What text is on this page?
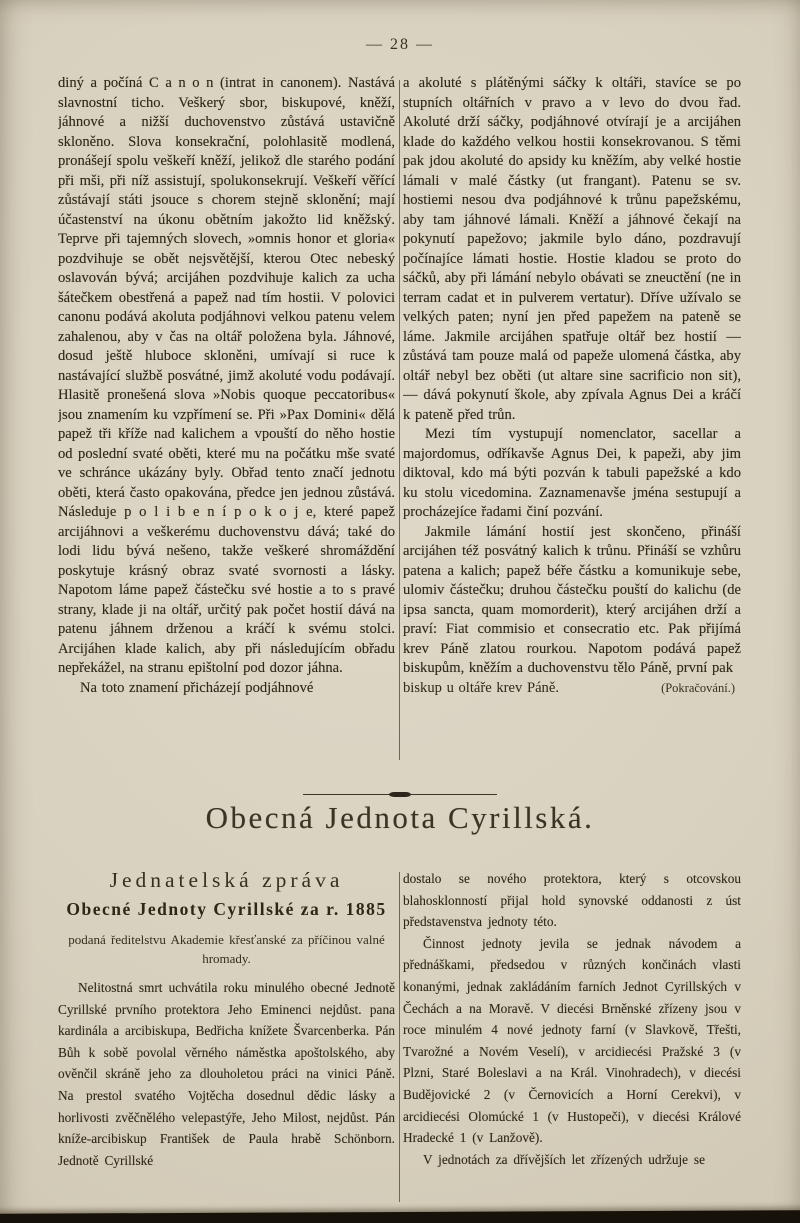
— 28 —

diný a počíná C a n o n (intrat in canonem). Nastává slavnostní ticho. Veškerý sbor, biskupové, kněží, jáhnové a nižší duchovenstvo zůstává ustavičně skloněno. Slova konsekrační, polohlasitě modlená, pronášejí spolu veškeří kněží, jelikož dle starého podání při mši, při níž assistují, spolukonsekrují. Veškeří věřící zůstávají státi jsouce s chorem stejně sklonění; mají účastenství na úkonu obětním jakožto lid kněžský. Teprve při tajemných slovech, »omnis honor et gloria« pozdvihuje se obět nejsvětější, kterou Otec nebeský oslavován bývá; arcijáhen pozdvihuje kalich za ucha šátečkem obestřená a papež nad tím hostii. V polovici canonu podává akoluta podjáhnovi velkou patenu velem zahalenou, aby v čas na oltář položena byla. Jáhnové, dosud ještě hluboce skloněni, umívají si ruce k nastávající službě posvátné, jimž akoluté vodu podávají. Hlasitě pronešená slova »Nobis quoque peccatoribus« jsou znamením ku vzpřímení se. Při »Pax Domini« dělá papež tři kříže nad kalichem a vpouští do něho hostie od poslední svaté oběti, které mu na počátku mše svaté ve schránce ukázány byly. Obřad tento značí jednotu oběti, která často opakována, předce jen jednou zůstává. Následuje p o l i b e n í p o k o j e, které papež arcijáhnovi a veškerému duchovenstvu dává; také do lodi lidu bývá nešeno, takže veškeré shromáždění poskytuje krásný obraz svaté svornosti a lásky. Napotom láme papež částečku své hostie a to s pravé strany, klade ji na oltář, určitý pak počet hostií dává na patenu jáhnem drženou a kráčí k svému stolci. Arcijáhen klade kalich, aby při následujícím obřadu nepřekážel, na stranu epištolní pod dozor jáhna.

Na toto znamení přicházejí podjáhnové

a akoluté s plátěnými sáčky k oltáři, stavíce se po stupních oltářních v pravo a v levo do dvou řad. Akoluté drží sáčky, podjáhnové otvírají je a arcijáhen klade do každého velkou hostii konsekrovanou. S těmi pak jdou akoluté do apsidy ku kněžím, aby velké hostie lámali v malé částky (ut frangant). Patenu se sv. hostiemi nesou dva podjáhnové k trůnu papežskému, aby tam jáhnové lámali. Kněží a jáhnové čekají na pokynutí papežovo; jakmile bylo dáno, pozdravují počínajíce lámati hostie. Hostie kladou se proto do sáčků, aby při lámání nebylo obávati se zneuctění (ne in terram cadat et in pulverem vertatur). Dříve užívalo se velkých paten; nyní jen před papežem na pateně se láme. Jakmile arcijáhen spatřuje oltář bez hostií — zůstává tam pouze malá od papeže ulomená částka, aby oltář nebyl bez oběti (ut altare sine sacrificio non sit), — dává pokynutí škole, aby zpívala Agnus Dei a kráčí k pateně před trůn.

Mezi tím vystupují nomenclator, sacellar a majordomus, odříkavše Agnus Dei, k papeži, aby jim diktoval, kdo má býti pozván k tabuli papežské a kdo ku stolu vicedomina. Zaznamenavše jména sestupují a procházejíce řadami činí pozvání.

Jakmile lámání hostií jest skončeno, přináší arcijáhen též posvátný kalich k trůnu. Přináší se vzhůru patena a kalich; papež béře částku a komunikuje sebe, ulomiv částečku; druhou částečku pouští do kalichu (de ipsa sancta, quam momorderit), který arcijáhen drží a praví: Fiat commisio et consecratio etc. Pak přijímá krev Páně zlatou rourkou. Napotom podává papež biskupům, kněžím a duchovenstvu tělo Páně, první pak

biskup u oltáře krev Páně.	(Pokračování.)
Obecná Jednota Cyrillská.
Jednatelská zpráva
Obecné Jednoty Cyrillské za r. 1885

podaná ředitelstvu Akademie křesťanské za příčinou valné hromady.

Nelitostná smrt uchvátila roku minulého obecné Jednotě Cyrillské prvního protektora Jeho Eminenci nejdůst. pana kardinála a arcibiskupa, Bedřicha knížete Švarcenberka. Pán Bůh k sobě povolal věrného náměstka apoštolského, aby ověnčil skráně jeho za dlouholetou práci na vinici Páně. Na prestol svatého Vojtěcha dosednul dědic lásky a horlivosti zvěčnělého velepastýře, Jeho Milost, nejdůst. Pán kníže-arcibiskup František de Paula hrabě Schönborn. Jednotě Cyrillské

dostalo se nového protektora, který s otcovskou blahosklonností přijal hold synovské oddanosti z úst představenstva jednoty této.

Činnost jednoty jevila se jednak návodem a přednáškami, předsedou v různých končinách vlasti konanými, jednak zakládáním farních Jednot Cyrillských v Čechách a na Moravě. V diecési Brněnské zřízeny jsou v roce minulém 4 nové jednoty farní (v Slavkově, Třešti, Tvarožné a Novém Veselí), v arcidiecési Pražské 3 (v Plzni, Staré Boleslavi a na Král. Vinohradech), v diecési Budějovické 2 (v Černovicích a Horní Cerekvi), v arcidiecési Olomúcké 1 (v Hustopeči), v diecési Králové Hradecké 1 (v Lanžově).

V jednotách za dřívějších let zřízených udržuje se
